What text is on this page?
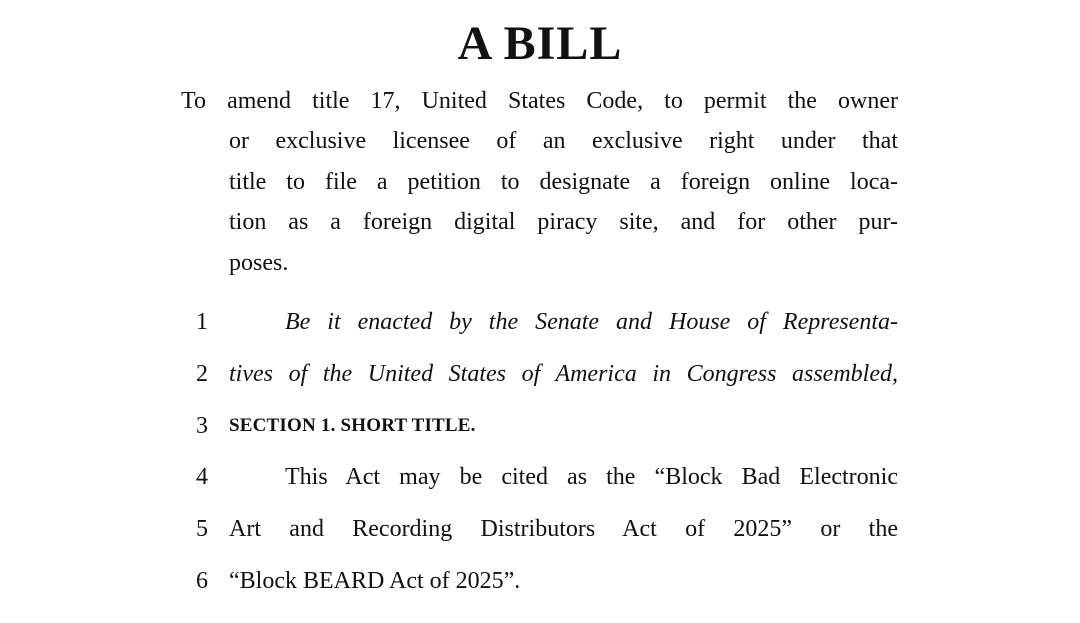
A BILL
To amend title 17, United States Code, to permit the owner
or exclusive licensee of an exclusive right under that
title to file a petition to designate a foreign online loca-
tion as a foreign digital piracy site, and for other pur-
poses.
1	Be it enacted by the Senate and House of Representa-
2 tives of the United States of America in Congress assembled,
3 SECTION 1. SHORT TITLE.
4	This Act may be cited as the “Block Bad Electronic
5 Art and Recording Distributors Act of 2025” or the
6 “Block BEARD Act of 2025”.
